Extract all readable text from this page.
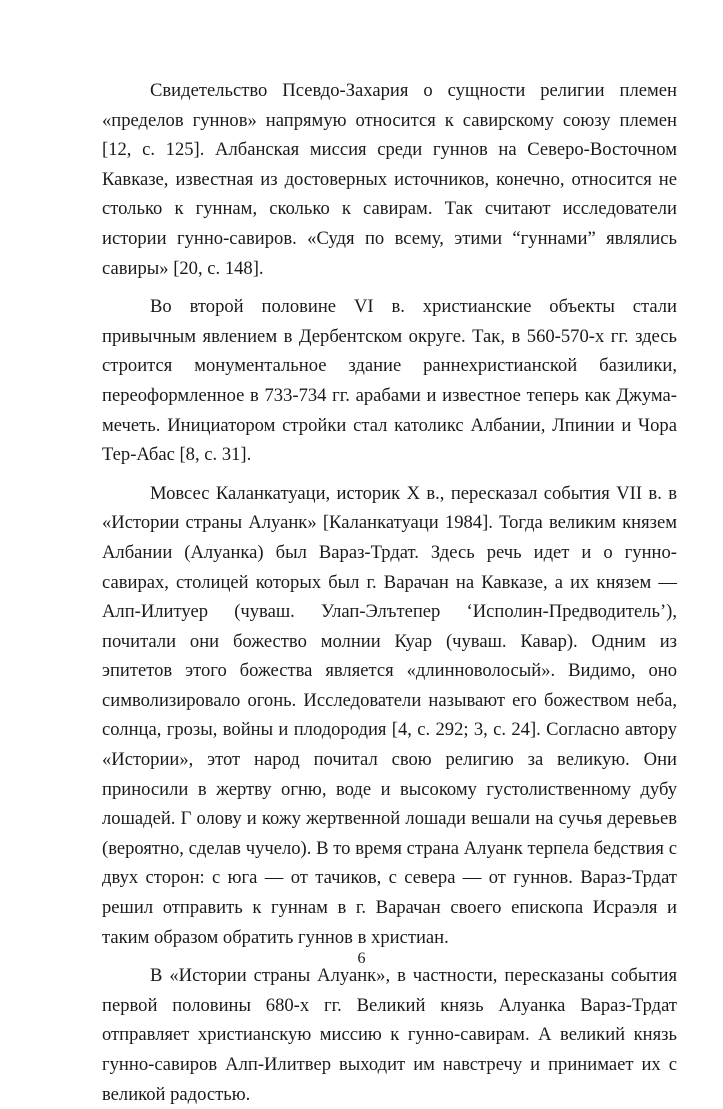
Свидетельство Псевдо-Захария о сущности религии племен «пределов гуннов» напрямую относится к савирскому союзу племен [12, с. 125]. Албанская миссия среди гуннов на Северо-Восточном Кавказе, известная из достоверных источников, конечно, относится не столько к гуннам, сколько к савирам. Так считают исследователи истории гунно-савиров. «Судя по всему, этими “гуннами” являлись савиры» [20, с. 148].

Во второй половине VI в. христианские объекты стали привычным явлением в Дербентском округе. Так, в 560-570-х гг. здесь строится монументальное здание раннехристианской базилики, переоформленное в 733-734 гг. арабами и известное теперь как Джума-мечеть. Инициатором стройки стал католикс Албании, Лпинии и Чора Тер-Абас [8, с. 31].

Мовсес Каланкатуаци, историк X в., пересказал события VII в. в «Истории страны Алуанк» [Каланкатуаци 1984]. Тогда великим князем Албании (Алуанка) был Вараз-Трдат. Здесь речь идет и о гунно-савирах, столицей которых был г. Варачан на Кавказе, а их князем — Алп-Илитуер (чуваш. Улап-Элътепер ‘Исполин-Предводитель’), почитали они божество молнии Куар (чуваш. Кавар). Одним из эпитетов этого божества является «длинноволосый». Видимо, оно символизировало огонь. Исследователи называют его божеством неба, солнца, грозы, войны и плодородия [4, с. 292; 3, с. 24]. Согласно автору «Истории», этот народ почитал свою религию за великую. Они приносили в жертву огню, воде и высокому густолиственному дубу лошадей. Г олову и кожу жертвенной лошади вешали на сучья деревьев (вероятно, сделав чучело). В то время страна Алуанк терпела бедствия с двух сторон: с юга — от тачиков, с севера — от гуннов. Вараз-Трдат решил отправить к гуннам в г. Варачан своего епископа Исраэля и таким образом обратить гуннов в христиан.

В «Истории страны Алуанк», в частности, пересказаны события первой половины 680-х гг. Великий князь Алуанка Вараз-Трдат отправляет христианскую миссию к гунно-савирам. А великий князь гунно-савиров Алп-Илитвер выходит им навстречу и принимает их с великой радостью.

6
